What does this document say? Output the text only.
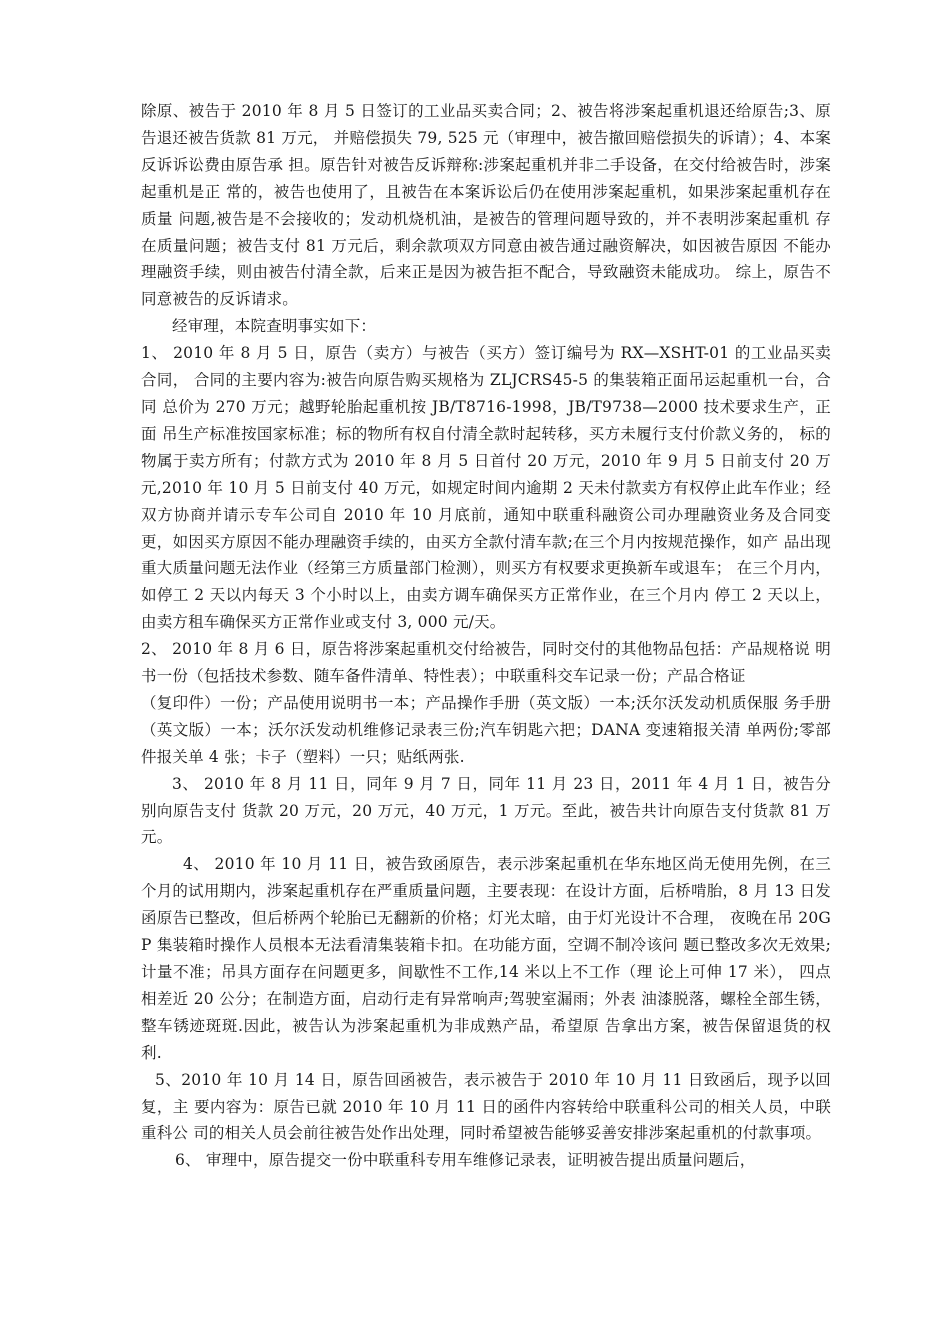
除原、被告于 2010 年 8 月 5 日签订的工业品买卖合同；2、被告将涉案起重机退还给原告;3、原告退还被告货款 81 万元， 并赔偿损失 79, 525 元（审理中，被告撤回赔偿损失的诉请）；4、本案反诉诉讼费由原告承 担。原告针对被告反诉辩称:涉案起重机并非二手设备，在交付给被告时，涉案起重机是正 常的，被告也使用了，且被告在本案诉讼后仍在使用涉案起重机，如果涉案起重机存在质量 问题,被告是不会接收的；发动机烧机油，是被告的管理问题导致的，并不表明涉案起重机 存在质量问题；被告支付 81 万元后，剩余款项双方同意由被告通过融资解决，如因被告原因 不能办理融资手续，则由被告付清全款，后来正是因为被告拒不配合，导致融资未能成功。 综上，原告不同意被告的反诉请求。

经审理，本院查明事实如下：

1、 2010 年 8 月 5 日，原告（卖方）与被告（买方）签订编号为 RX—XSHT-01 的工业品买卖合同， 合同的主要内容为:被告向原告购买规格为 ZLJCRS45-5 的集装箱正面吊运起重机一台，合同 总价为 270 万元；越野轮胎起重机按 JB/T8716-1998，JB/T9738—2000 技术要求生产，正面 吊生产标准按国家标准；标的物所有权自付清全款时起转移，买方未履行支付价款义务的， 标的物属于卖方所有；付款方式为 2010 年 8 月 5 日首付 20 万元，2010 年 9 月 5 日前支付 20 万 元,2010 年 10 月 5 日前支付 40 万元，如规定时间内逾期 2 天未付款卖方有权停止此车作业；经 双方协商并请示专车公司自 2010 年 10 月底前，通知中联重科融资公司办理融资业务及合同变 更，如因买方原因不能办理融资手续的，由买方全款付清车款;在三个月内按规范操作，如产 品出现重大质量问题无法作业（经第三方质量部门检测），则买方有权要求更换新车或退车； 在三个月内，如停工 2 天以内每天 3 个小时以上，由卖方调车确保买方正常作业，在三个月内 停工 2 天以上，由卖方租车确保买方正常作业或支付 3, 000 元/天。

2、 2010 年 8 月 6 日，原告将涉案起重机交付给被告，同时交付的其他物品包括：产品规格说 明书一份（包括技术参数、随车备件清单、特性表）；中联重科交车记录一份；产品合格证

（复印件）一份；产品使用说明书一本；产品操作手册（英文版）一本;沃尔沃发动机质保服 务手册（英文版）一本；沃尔沃发动机维修记录表三份;汽车钥匙六把；DANA 变速箱报关清 单两份;零部件报关单 4 张；卡子（塑料）一只；贴纸两张.

3、 2010 年 8 月 11 日，同年 9 月 7 日，同年 11 月 23 日，2011 年 4 月 1 日，被告分别向原告支付 货款 20 万元，20 万元，40 万元，1 万元。至此，被告共计向原告支付货款 81 万元。

4、 2010 年 10 月 11 日，被告致函原告，表示涉案起重机在华东地区尚无使用先例，在三 个月的试用期内，涉案起重机存在严重质量问题，主要表现：在设计方面，后桥啃胎，8 月 13 日发函原告已整改，但后桥两个轮胎已无翻新的价格；灯光太暗，由于灯光设计不合理， 夜晚在吊 20GP 集装箱时操作人员根本无法看清集装箱卡扣。在功能方面，空调不制冷该问 题已整改多次无效果;计量不准；吊具方面存在问题更多，间歇性不工作,14 米以上不工作（理 论上可伸 17 米）， 四点相差近 20 公分；在制造方面，启动行走有异常响声;驾驶室漏雨；外表 油漆脱落，螺栓全部生锈，整车锈迹斑斑.因此，被告认为涉案起重机为非成熟产品，希望原 告拿出方案，被告保留退货的权利.

5、2010 年 10 月 14 日，原告回函被告，表示被告于 2010 年 10 月 11 日致函后，现予以回复，主 要内容为：原告已就 2010 年 10 月 11 日的函件内容转给中联重科公司的相关人员，中联重科公 司的相关人员会前往被告处作出处理，同时希望被告能够妥善安排涉案起重机的付款事项。

6、 审理中，原告提交一份中联重科专用车维修记录表，证明被告提出质量问题后，
